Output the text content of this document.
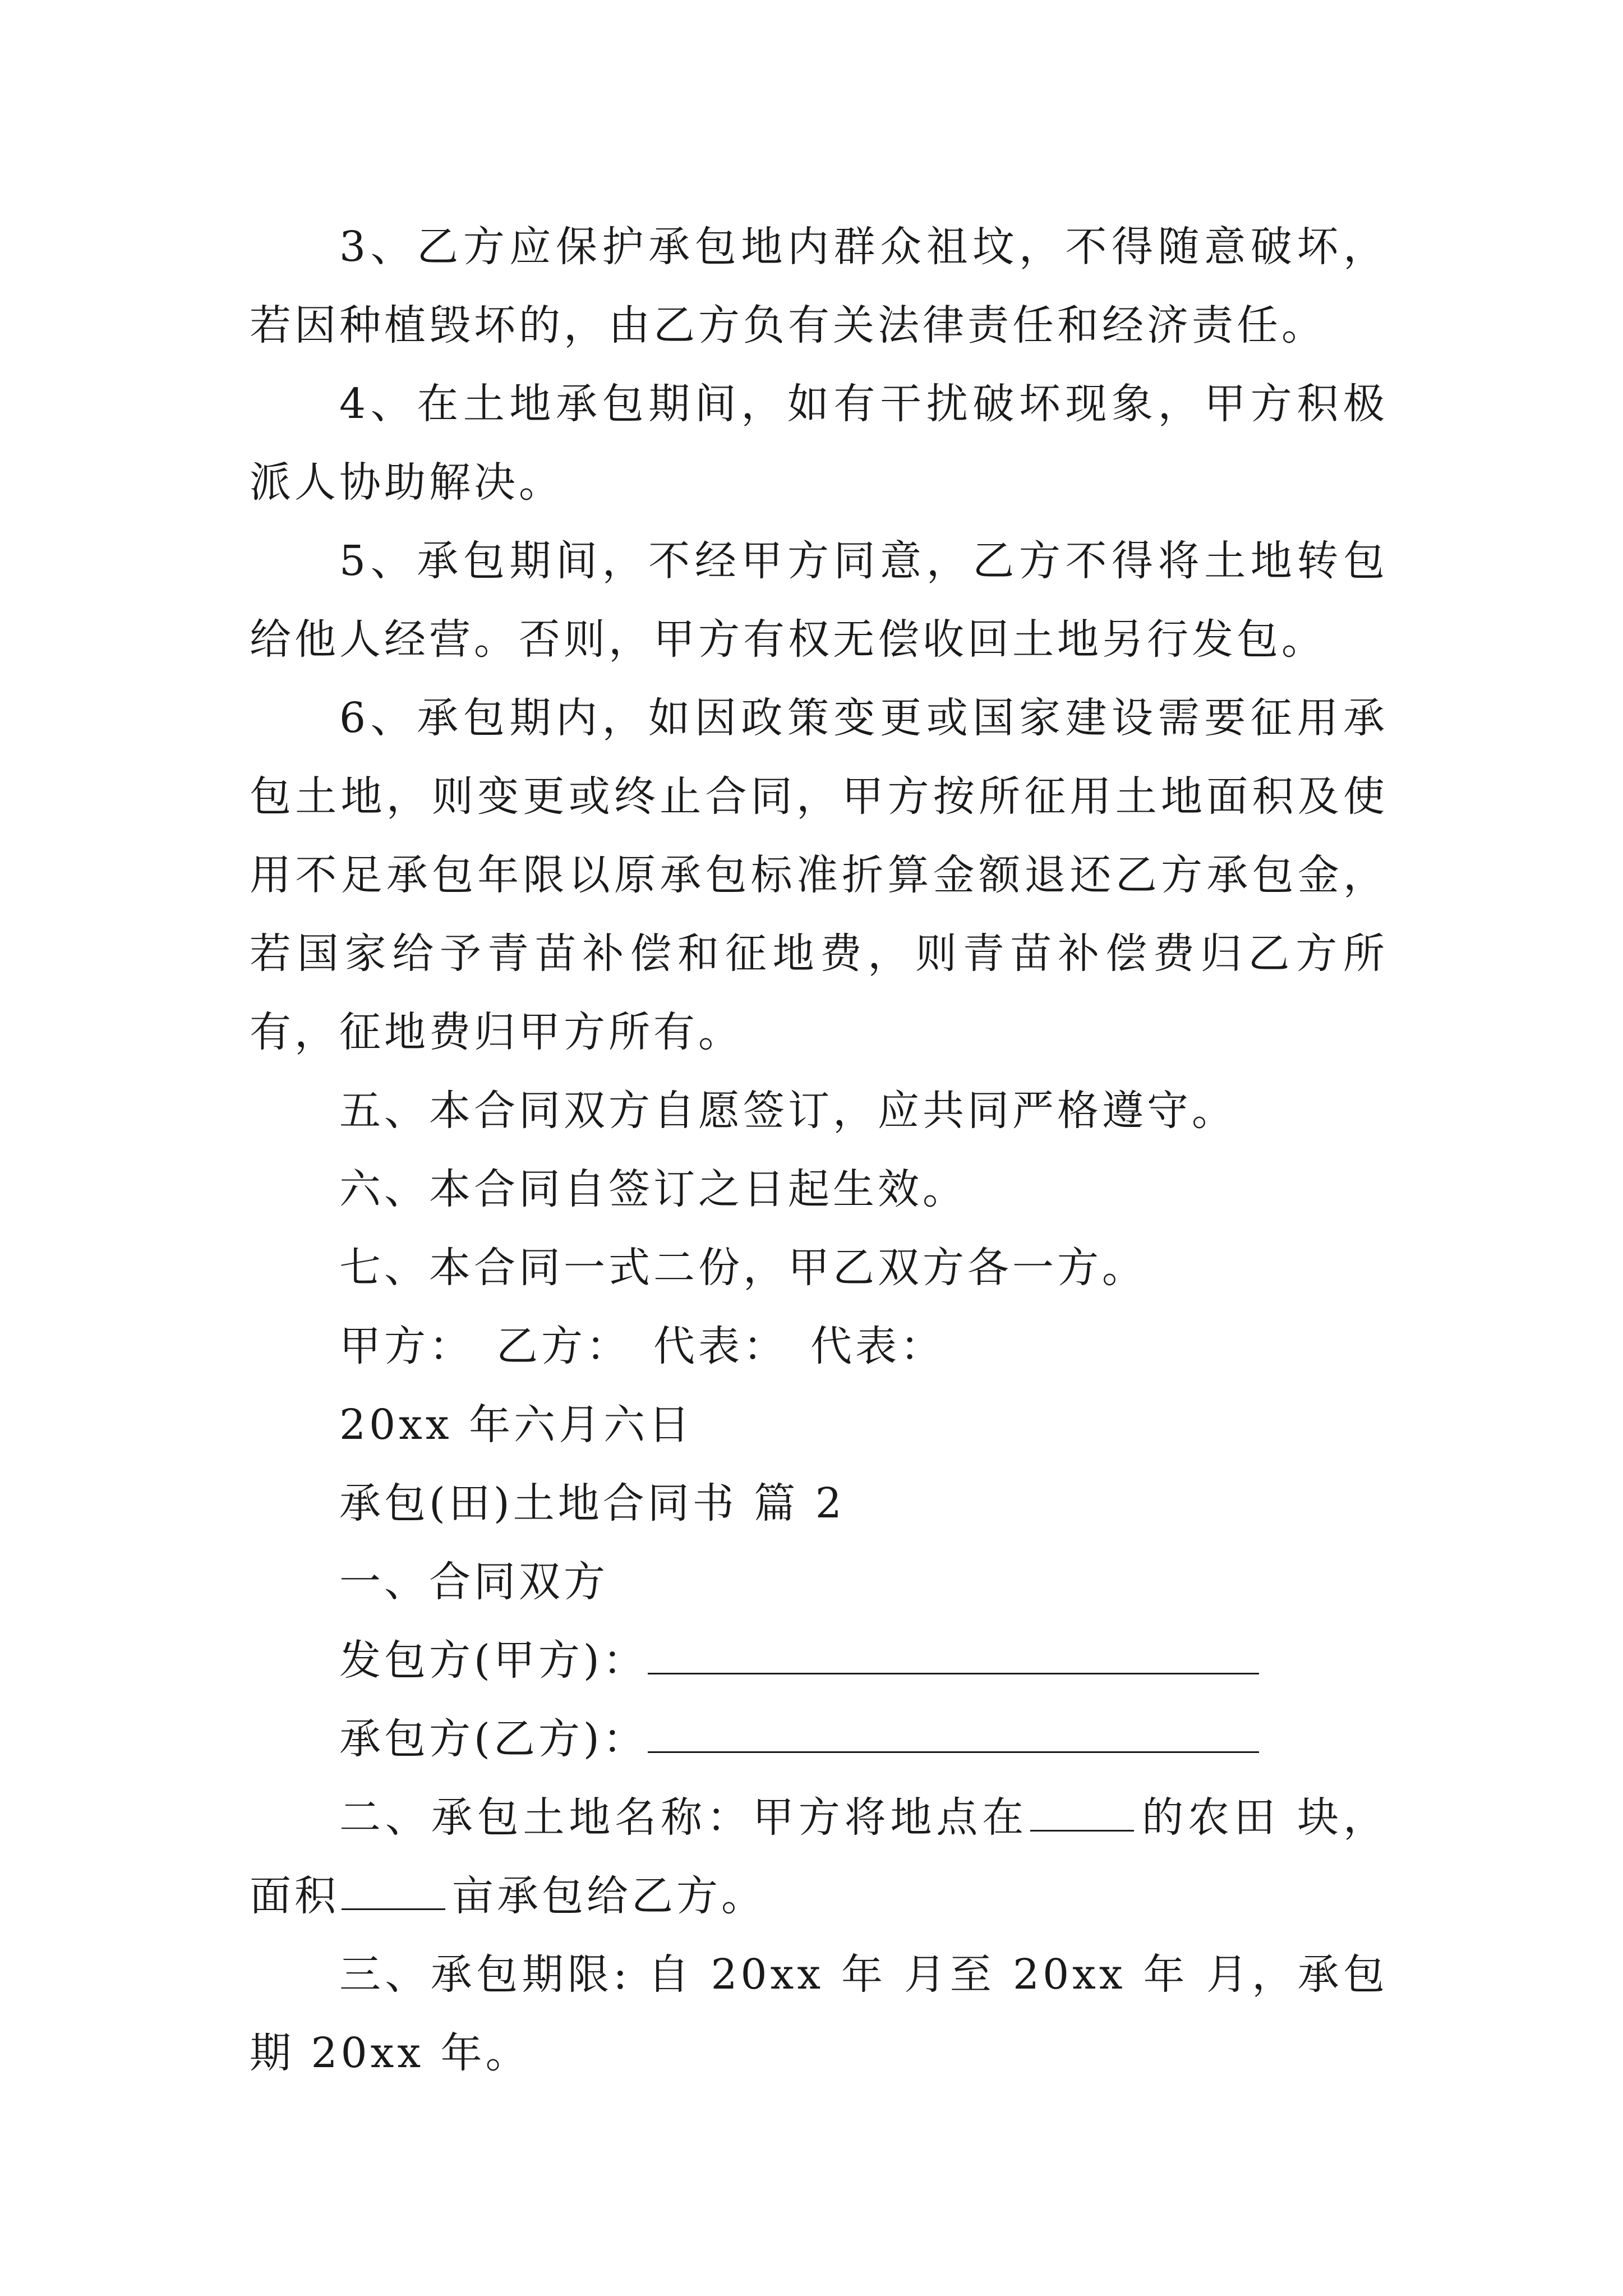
3、乙方应保护承包地内群众祖坟，不得随意破坏，若因种植毁坏的，由乙方负有关法律责任和经济责任。

4、在土地承包期间，如有干扰破坏现象，甲方积极派人协助解决。

5、承包期间，不经甲方同意，乙方不得将土地转包给他人经营。否则，甲方有权无偿收回土地另行发包。

6、承包期内，如因政策变更或国家建设需要征用承包土地，则变更或终止合同，甲方按所征用土地面积及使用不足承包年限以原承包标准折算金额退还乙方承包金，若国家给予青苗补偿和征地费，则青苗补偿费归乙方所有，征地费归甲方所有。

五、本合同双方自愿签订，应共同严格遵守。

六、本合同自签订之日起生效。

七、本合同一式二份，甲乙双方各一方。

甲方： 乙方： 代表： 代表：

20xx 年六月六日

承包(田)土地合同书 篇 2

一、合同双方

发包方(甲方)：

承包方(乙方)：

二、承包土地名称：甲方将地点在	的农田 块，面积	亩承包给乙方。

三、承包期限: 自 20xx 年 月至 20xx 年 月，承包期 20xx 年。
